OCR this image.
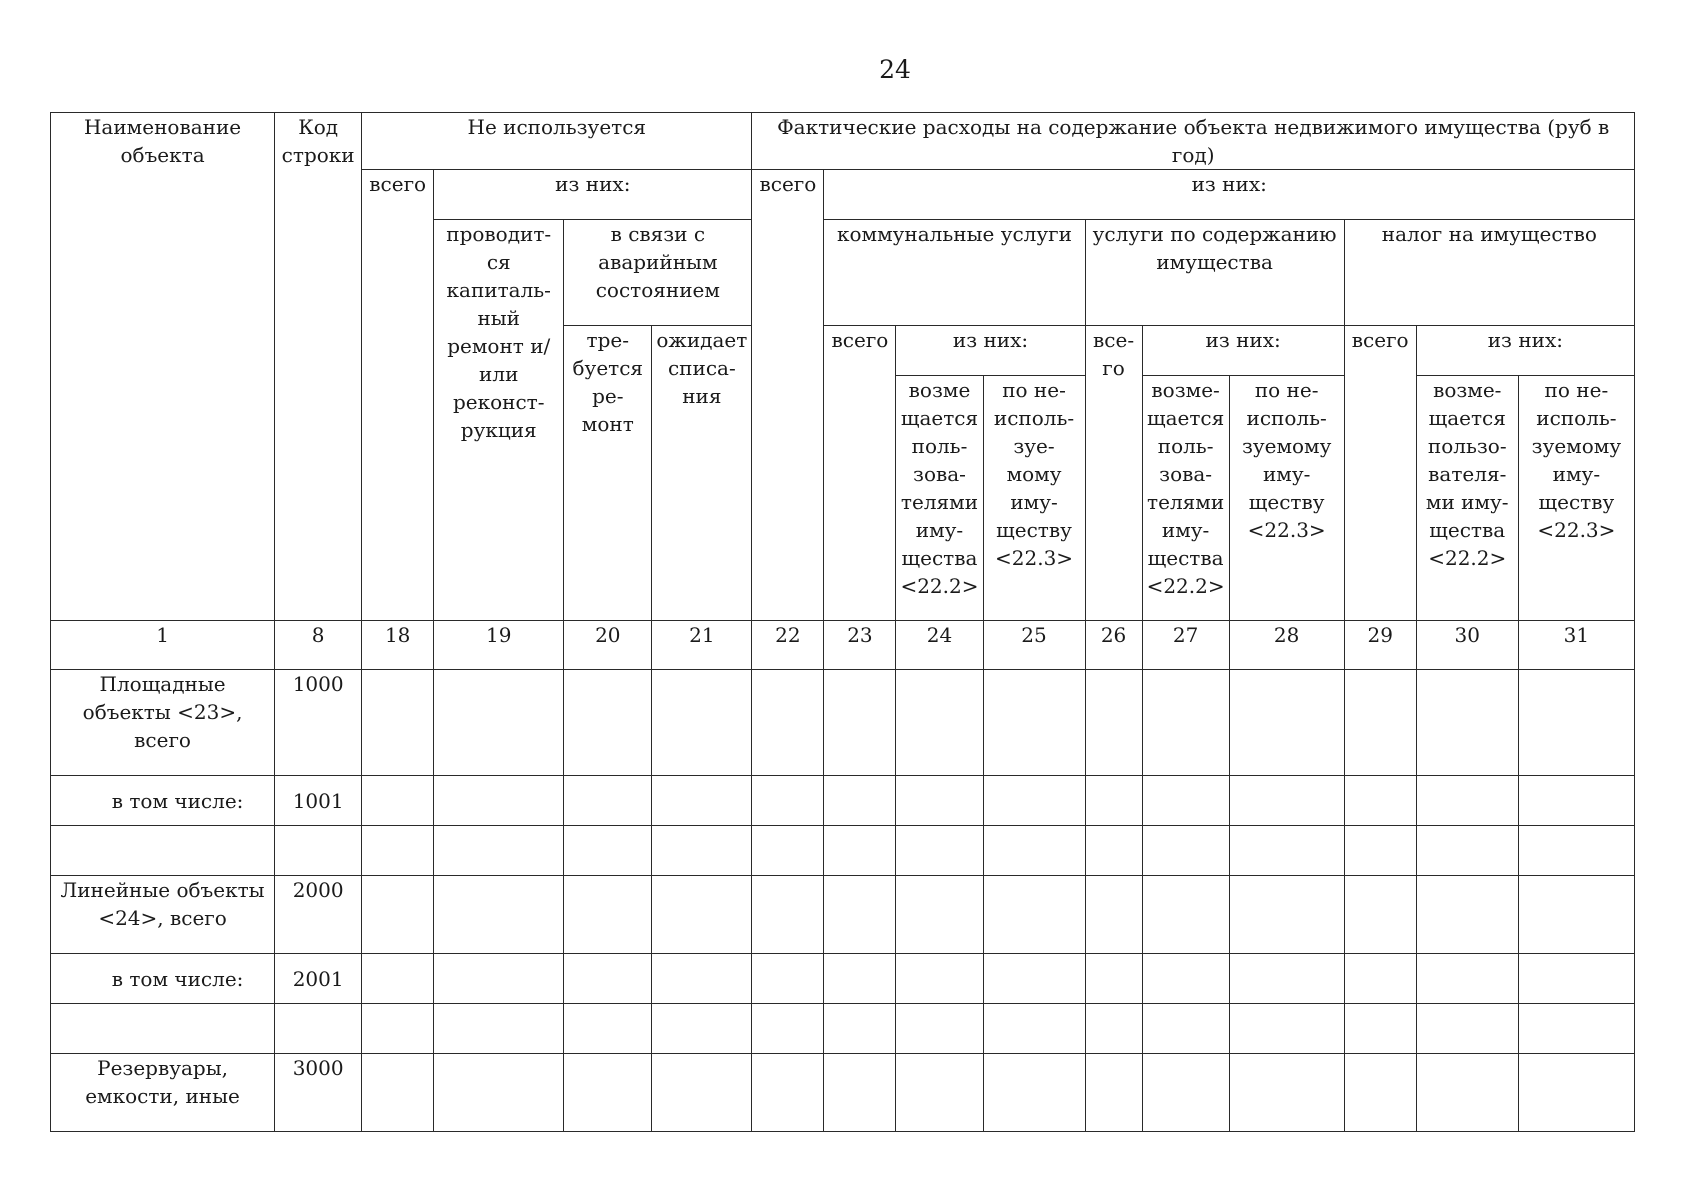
24
Наименование объекта	Код строки	Не используется				Фактические расходы на содержание объекта недвижимого имущества (руб в год)									
		всего	из них:			всего	из них:								
			проводит-ся капиталь-ный ремонт и/или реконст-рукция	в связи с аварийным состоянием			коммунальные услуги			услуги по содержанию имущества			налог на имущество		
				тре-буется ре-монт	ожидает списа-ния		всего	из них:		все-го	из них:		всего	из них:	
								возме щается поль-зова-телями иму-щества <22.2>	по не-исполь-зуе-мому иму-ществу <22.3>		возме-щается поль-зова-телями иму-щества <22.2>	по не-исполь-зуемому иму-ществу <22.3>		возме-щается пользо-вателя-ми иму-щества <22.2>	по не-исполь-зуемому иму-ществу <22.3>
1	8	18	19	20	21	22	23	24	25	26	27	28	29	30	31
Площадные объекты <23>, всего	1000														
в том числе:	1001														

Линейные объекты <24>, всего	2000														
в том числе:	2001														

Резервуары, емкости, иные	3000														
